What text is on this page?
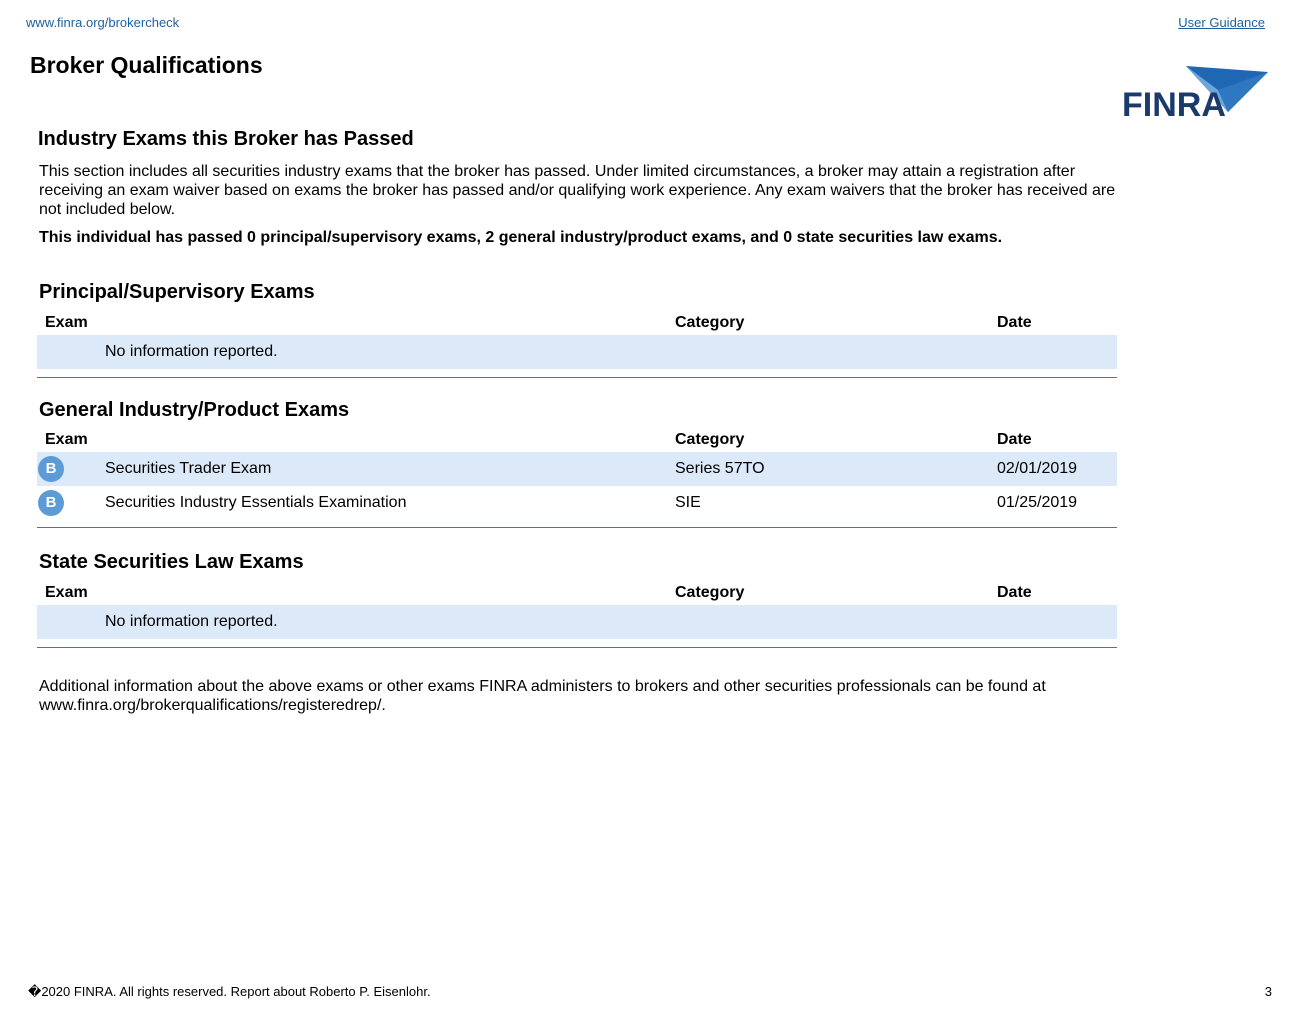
www.finra.org/brokercheck	User Guidance
Broker Qualifications
FINRA
Industry Exams this Broker has Passed

This section includes all securities industry exams that the broker has passed. Under limited circumstances, a broker may attain a registration after receiving an exam waiver based on exams the broker has passed and/or qualifying work experience. Any exam waivers that the broker has received are not included below.

This individual has passed 0 principal/supervisory exams, 2 general industry/product exams, and 0 state securities law exams.

Principal/Supervisory Exams
Exam	Category	Date
No information reported.
General Industry/Product Exams
Exam	Category	Date
B	Securities Trader Exam	Series 57TO	02/01/2019
B	Securities Industry Essentials Examination	SIE	01/25/2019
State Securities Law Exams
Exam	Category	Date
No information reported.

Additional information about the above exams or other exams FINRA administers to brokers and other securities professionals can be found at www.finra.org/brokerqualifications/registeredrep/.

�2020 FINRA. All rights reserved. Report about Roberto P. Eisenlohr.	3
